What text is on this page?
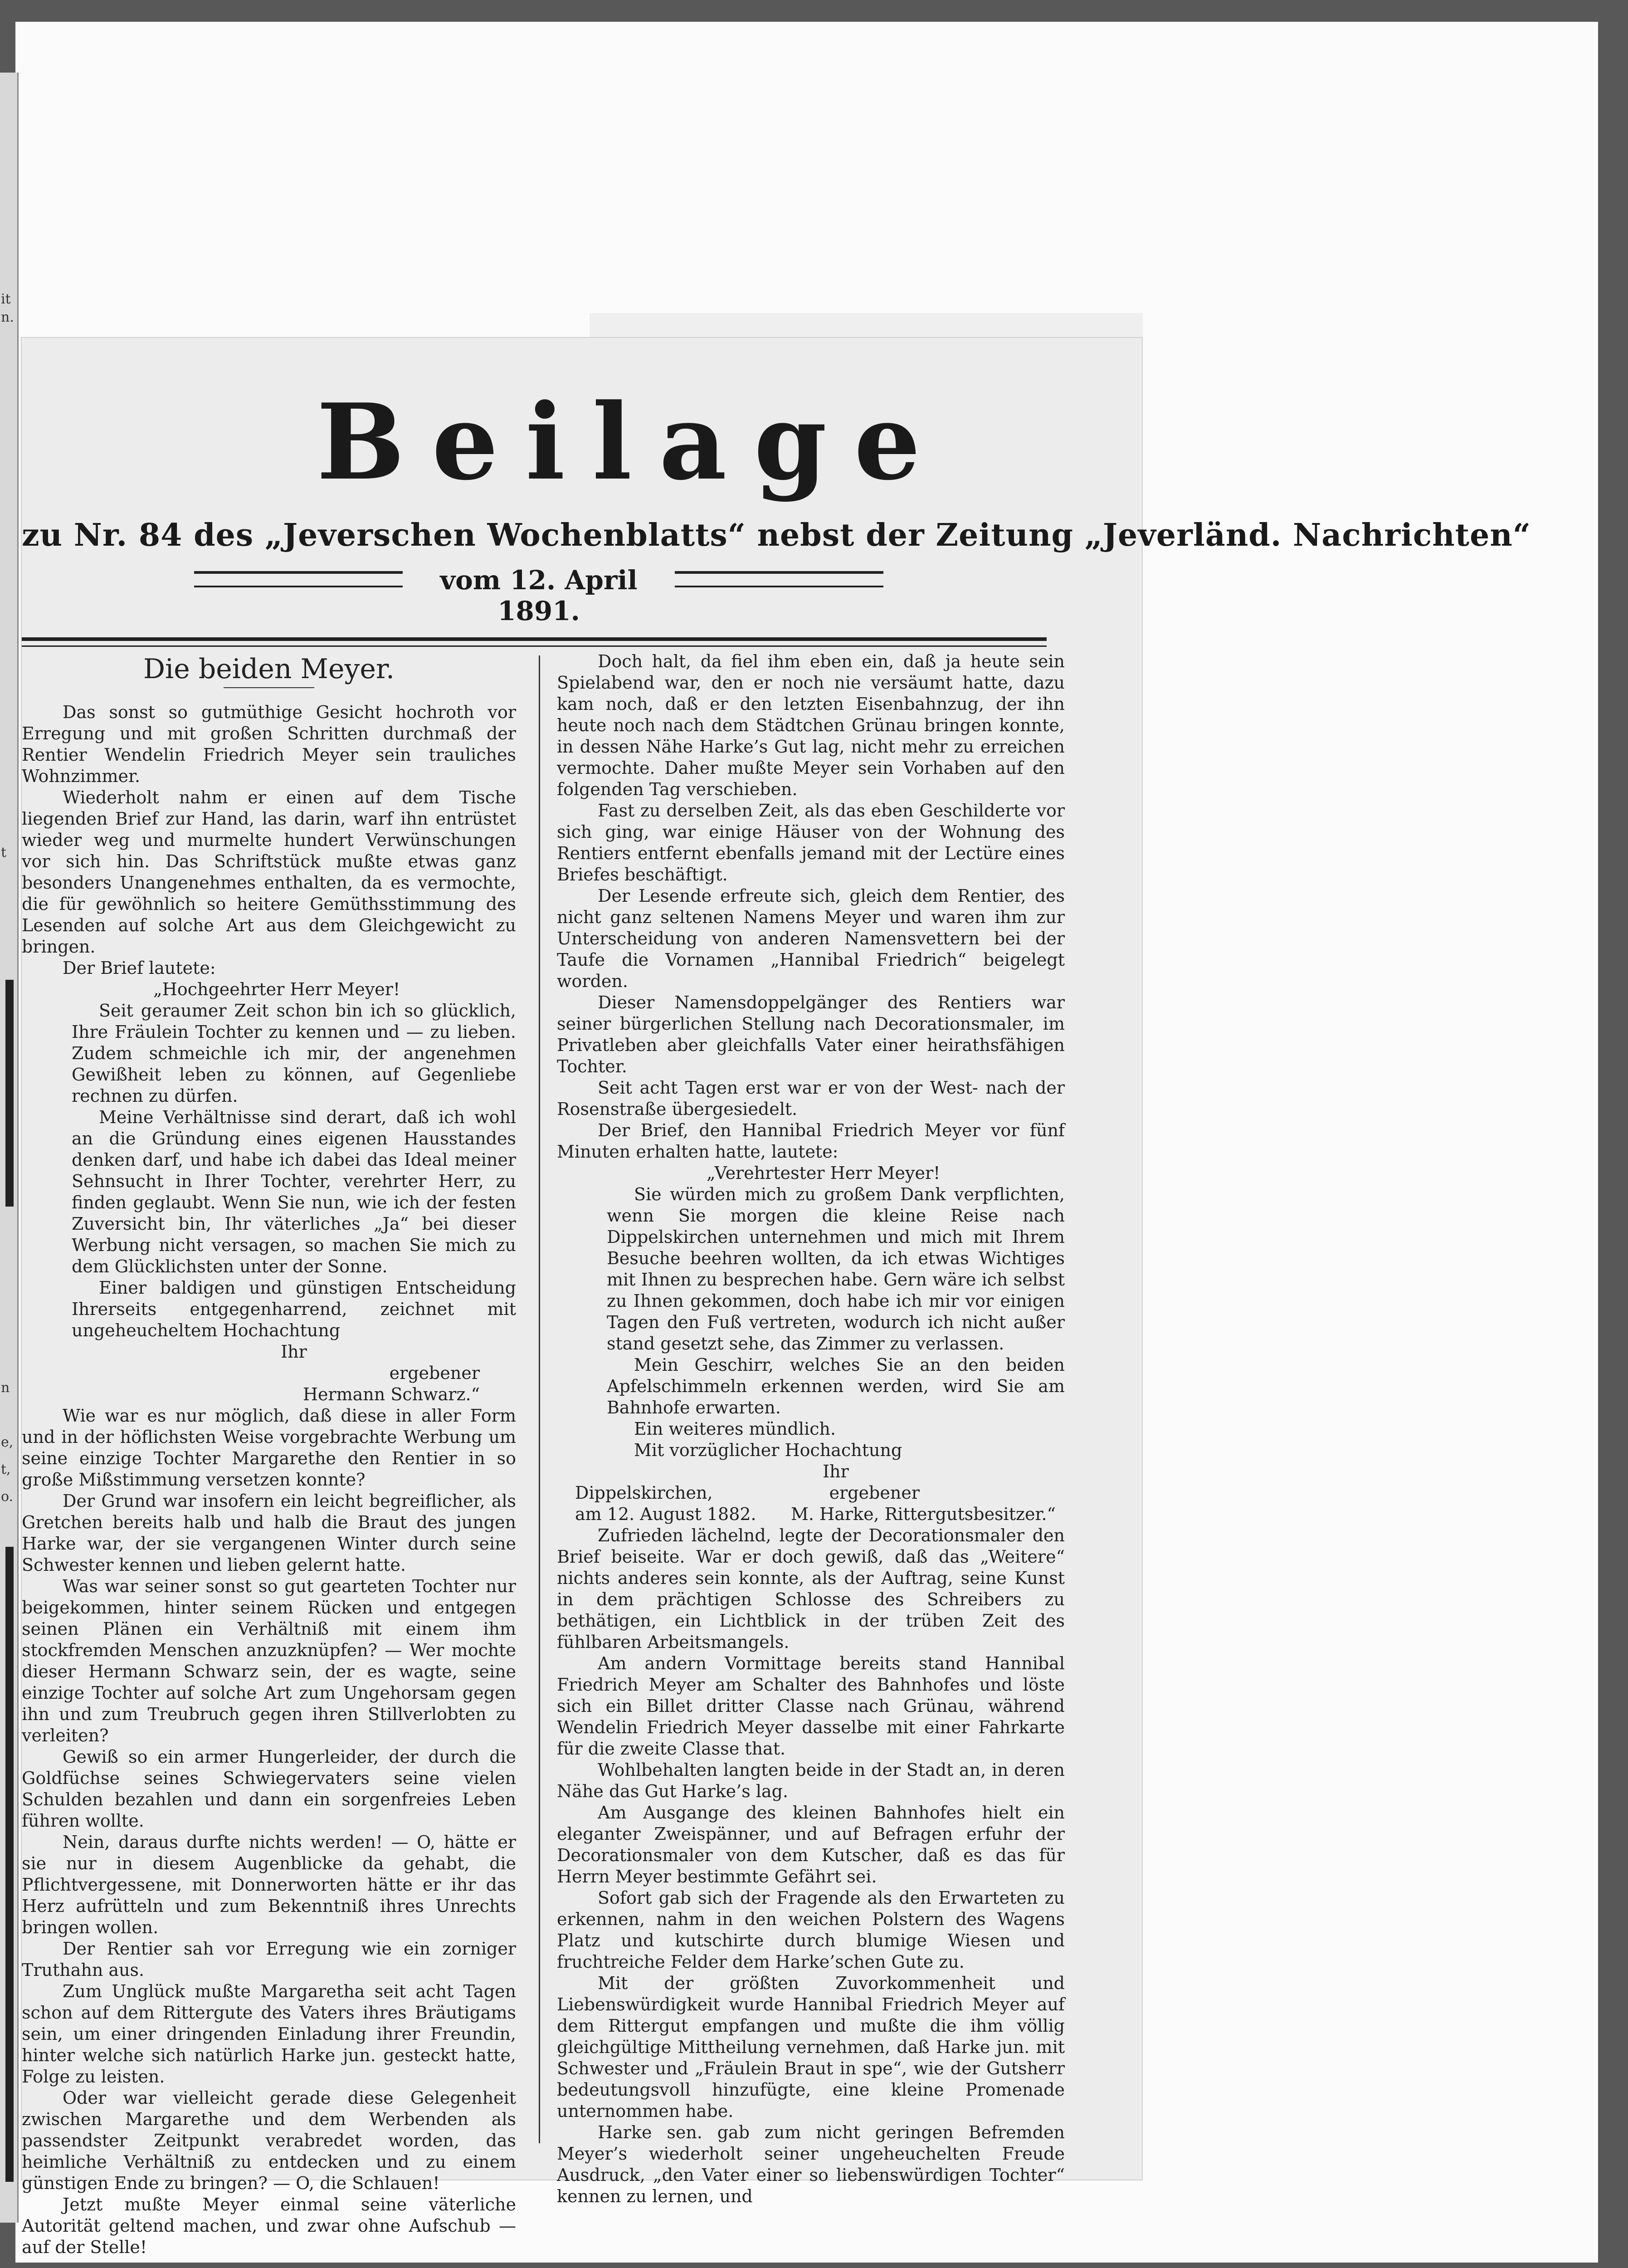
it
n.
t
n
e,
t,
o.
Beilage
zu Nr. 84 des „Jeverschen Wochenblatts“ nebst der Zeitung „Jeverländ. Nachrichten“
vom 12. April 1891.

Die beiden Meyer.

Das sonst so gutmüthige Gesicht hochroth vor Erregung und mit großen Schritten durchmaß der Rentier Wendelin Friedrich Meyer sein trauliches Wohnzimmer.

Wiederholt nahm er einen auf dem Tische liegenden Brief zur Hand, las darin, warf ihn entrüstet wieder weg und murmelte hundert Verwünschungen vor sich hin. Das Schriftstück mußte etwas ganz besonders Unangenehmes enthalten, da es vermochte, die für gewöhnlich so heitere Gemüthsstimmung des Lesenden auf solche Art aus dem Gleichgewicht zu bringen.

Der Brief lautete:

„Hochgeehrter Herr Meyer!

Seit geraumer Zeit schon bin ich so glücklich, Ihre Fräulein Tochter zu kennen und — zu lieben. Zudem schmeichle ich mir, der angenehmen Gewißheit leben zu können, auf Gegenliebe rechnen zu dürfen.

Meine Verhältnisse sind derart, daß ich wohl an die Gründung eines eigenen Hausstandes denken darf, und habe ich dabei das Ideal meiner Sehnsucht in Ihrer Tochter, verehrter Herr, zu finden geglaubt. Wenn Sie nun, wie ich der festen Zuversicht bin, Ihr väterliches „Ja“ bei dieser Werbung nicht versagen, so machen Sie mich zu dem Glücklichsten unter der Sonne.

Einer baldigen und günstigen Entscheidung Ihrerseits entgegenharrend, zeichnet mit ungeheucheltem Hochachtung

Ihr

ergebener

Hermann Schwarz.“

Wie war es nur möglich, daß diese in aller Form und in der höflichsten Weise vorgebrachte Werbung um seine einzige Tochter Margarethe den Rentier in so große Mißstimmung versetzen konnte?

Der Grund war insofern ein leicht begreiflicher, als Gretchen bereits halb und halb die Braut des jungen Harke war, der sie vergangenen Winter durch seine Schwester kennen und lieben gelernt hatte.

Was war seiner sonst so gut gearteten Tochter nur beigekommen, hinter seinem Rücken und entgegen seinen Plänen ein Verhältniß mit einem ihm stockfremden Menschen anzuzknüpfen? — Wer mochte dieser Hermann Schwarz sein, der es wagte, seine einzige Tochter auf solche Art zum Ungehorsam gegen ihn und zum Treubruch gegen ihren Stillverlobten zu verleiten?

Gewiß so ein armer Hungerleider, der durch die Goldfüchse seines Schwiegervaters seine vielen Schulden bezahlen und dann ein sorgenfreies Leben führen wollte.

Nein, daraus durfte nichts werden! — O, hätte er sie nur in diesem Augenblicke da gehabt, die Pflichtvergessene, mit Donnerworten hätte er ihr das Herz aufrütteln und zum Bekenntniß ihres Unrechts bringen wollen.

Der Rentier sah vor Erregung wie ein zorniger Truthahn aus.

Zum Unglück mußte Margaretha seit acht Tagen schon auf dem Rittergute des Vaters ihres Bräutigams sein, um einer dringenden Einladung ihrer Freundin, hinter welche sich natürlich Harke jun. gesteckt hatte, Folge zu leisten.

Oder war vielleicht gerade diese Gelegenheit zwischen Margarethe und dem Werbenden als passendster Zeitpunkt verabredet worden, das heimliche Verhältniß zu entdecken und zu einem günstigen Ende zu bringen? — O, die Schlauen!

Jetzt mußte Meyer einmal seine väterliche Autorität geltend machen, und zwar ohne Aufschub — auf der Stelle!

Doch halt, da fiel ihm eben ein, daß ja heute sein Spielabend war, den er noch nie versäumt hatte, dazu kam noch, daß er den letzten Eisenbahnzug, der ihn heute noch nach dem Städtchen Grünau bringen konnte, in dessen Nähe Harke’s Gut lag, nicht mehr zu erreichen vermochte. Daher mußte Meyer sein Vorhaben auf den folgenden Tag verschieben.

Fast zu derselben Zeit, als das eben Geschilderte vor sich ging, war einige Häuser von der Wohnung des Rentiers entfernt ebenfalls jemand mit der Lectüre eines Briefes beschäftigt.

Der Lesende erfreute sich, gleich dem Rentier, des nicht ganz seltenen Namens Meyer und waren ihm zur Unterscheidung von anderen Namensvettern bei der Taufe die Vornamen „Hannibal Friedrich“ beigelegt worden.

Dieser Namensdoppelgänger des Rentiers war seiner bürgerlichen Stellung nach Decorationsmaler, im Privatleben aber gleichfalls Vater einer heirathsfähigen Tochter.

Seit acht Tagen erst war er von der West- nach der Rosenstraße übergesiedelt.

Der Brief, den Hannibal Friedrich Meyer vor fünf Minuten erhalten hatte, lautete:

„Verehrtester Herr Meyer!

Sie würden mich zu großem Dank verpflichten, wenn Sie morgen die kleine Reise nach Dippelskirchen unternehmen und mich mit Ihrem Besuche beehren wollten, da ich etwas Wichtiges mit Ihnen zu besprechen habe. Gern wäre ich selbst zu Ihnen gekommen, doch habe ich mir vor einigen Tagen den Fuß vertreten, wodurch ich nicht außer stand gesetzt sehe, das Zimmer zu verlassen.

Mein Geschirr, welches Sie an den beiden Apfelschimmeln erkennen werden, wird Sie am Bahnhofe erwarten.

Ein weiteres mündlich.

Mit vorzüglicher Hochachtung

Ihr

Dippelskirchen,	ergebener
am 12. August 1882. M. Harke, Rittergutsbesitzer.“

Zufrieden lächelnd, legte der Decorationsmaler den Brief beiseite. War er doch gewiß, daß das „Weitere“ nichts anderes sein konnte, als der Auftrag, seine Kunst in dem prächtigen Schlosse des Schreibers zu bethätigen, ein Lichtblick in der trüben Zeit des fühlbaren Arbeitsmangels.

Am andern Vormittage bereits stand Hannibal Friedrich Meyer am Schalter des Bahnhofes und löste sich ein Billet dritter Classe nach Grünau, während Wendelin Friedrich Meyer dasselbe mit einer Fahrkarte für die zweite Classe that.

Wohlbehalten langten beide in der Stadt an, in deren Nähe das Gut Harke’s lag.

Am Ausgange des kleinen Bahnhofes hielt ein eleganter Zweispänner, und auf Befragen erfuhr der Decorationsmaler von dem Kutscher, daß es das für Herrn Meyer bestimmte Gefährt sei.

Sofort gab sich der Fragende als den Erwarteten zu erkennen, nahm in den weichen Polstern des Wagens Platz und kutschirte durch blumige Wiesen und fruchtreiche Felder dem Harke’schen Gute zu.

Mit der größten Zuvorkommenheit und Liebenswürdigkeit wurde Hannibal Friedrich Meyer auf dem Rittergut empfangen und mußte die ihm völlig gleichgültige Mittheilung vernehmen, daß Harke jun. mit Schwester und „Fräulein Braut in spe“, wie der Gutsherr bedeutungsvoll hinzufügte, eine kleine Promenade unternommen habe.

Harke sen. gab zum nicht geringen Befremden Meyer’s wiederholt seiner ungeheuchelten Freude Ausdruck, „den Vater einer so liebenswürdigen Tochter“ kennen zu lernen, und
